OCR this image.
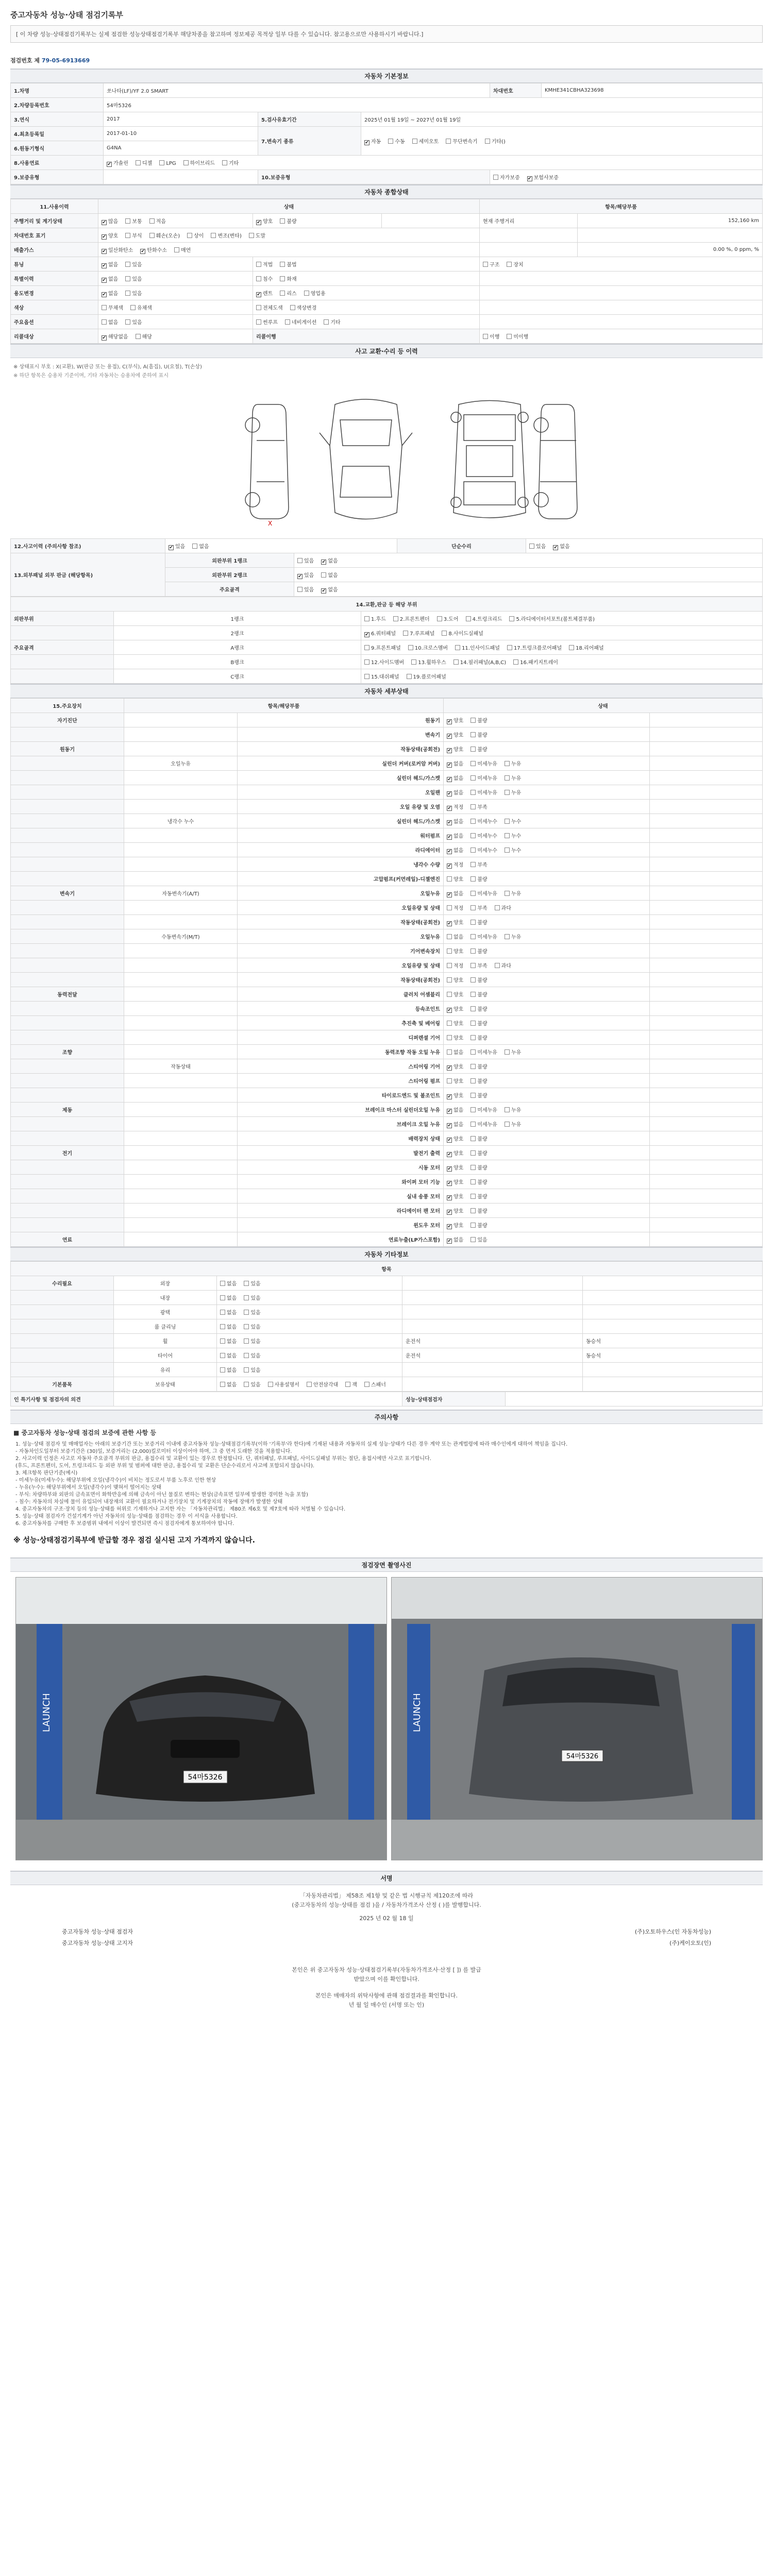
중고자동차 성능·상태 점검기록부
[ 이 차량 성능·상태점검기록부는 실제 점검한 성능상태점검기록부 해당차종을 참고하며 정보제공 목적상 일부 다를 수 있습니다. 참고용으로만 사용하시기 바랍니다.]
점검번호 제 79-05-6913669
자동차 기본정보
1.차명	쏘나타(LF)/YF 2.0 SMART			차대번호	KMHE341CBHA323698
2.차량등록번호	54마5326				
3.연식	2017	5.검사유효기간	2025년 01월 19일 ~ 2027년 01월 19일		
4.최초등록일	2017-01-10	7.변속기 종류	✔자동 수동 세미오토 무단변속기 기타()
6.원동기형식	G4NA				
8.사용연료	✔가솔린 디젤 LPG 하이브리드 기타
9.보증유형		10.보증유형		자가보증 ✔ 보험사보증
자동차 종합상태
11.사용이력	상태			항목/해당부품	
주행거리 및 계기상태	✔많음 보통 적음	✔양호 불량		현재 주행거리	152,160 km
차대번호 표기	✔양호 부식 훼손(오손) 상이 변조(변타) 도말		
배출가스	✔일산화탄소 ✔ 탄화수소 매연				0.00 %, 0 ppm, %
튜닝	✔없음 있음	적법 불법		구조 장치	
특별이력	✔없음 있음	침수 화재			
용도변경	✔없음 있음	✔렌트 리스 영업용	
색상	무채색 유채색	전체도색 색상변경			
주요옵션	없음 있음	썬루프 네비게이션 기타			
리콜대상	✔해당없음 해당	리콜이행		이행 미이행	
사고 교환·수리 등 이력
※ 상태표시 부호 : X(교환), W(판금 또는 용접), C(부식), A(흠집), U(요철), T(손상)
※ 하단 항목은 승용차 기준이며, 기타 자동차는 승용차에 준하여 표시
X
12.사고이력 (주의사항 참조)	✔있음 없음		단순수리	있음 ✔ 없음
13.외부패널 외부 판금 (해당항목)	외판부위 1랭크	있음 ✔ 없음
	외판부위 2랭크	✔있음 없음
	주요골격	있음 ✔ 없음
14.교환,판금 등 해당 부위		
외판부위	1랭크	1.후드 2.프론트펜더 3.도어 4.트렁크리드 5.라디에이터서포트(볼트체결부품)
	2랭크	✔6.쿼터패널 7.루프패널 8.사이드실패널
주요골격	A랭크	9.프론트패널 10.크로스멤버 11.인사이드패널 17.트렁크플로어패널 18.리어패널
	B랭크	12.사이드멤버 13.휠하우스 14.필러패널(A,B,C) 16.패키지트레이
	C랭크	15.대쉬패널 19.플로어패널
자동차 세부상태
15.주요장치	항목/해당부품		상태	
자기진단		원동기	✔양호 불량	
		변속기	✔양호 불량	
원동기		작동상태(공회전)	✔양호 불량	
	오일누유	실린더 커버(로커암 커버)	✔없음 미세누유 누유	
		실린더 헤드/가스켓	✔없음 미세누유 누유	
		오일팬	✔없음 미세누유 누유	
		오일 유량 및 오염	✔적정 부족	
	냉각수 누수	실린더 헤드/가스켓	✔없음 미세누수 누수	
		워터펌프	✔없음 미세누수 누수	
		라디에이터	✔없음 미세누수 누수	
		냉각수 수량	✔적정 부족	
		고압펌프(커먼레일)-디젤엔진	양호 불량	
변속기	자동변속기(A/T)	오일누유	✔없음 미세누유 누유	
		오일유량 및 상태	적정 부족 과다	
		작동상태(공회전)	✔양호 불량	
	수동변속기(M/T)	오일누유	없음 미세누유 누유	
		기어변속장치	양호 불량	
		오일유량 및 상태	적정 부족 과다	
		작동상태(공회전)	양호 불량	
동력전달		클러치 어셈블리	양호 불량	
		등속조인트	✔양호 불량	
		추진축 및 베어링	양호 불량	
		디퍼렌셜 기어	양호 불량	
조향		동력조향 작동 오일 누유	없음 미세누유 누유	
	작동상태	스티어링 기어	✔양호 불량	
		스티어링 펌프	양호 불량	
		타이로드엔드 및 볼조인트	✔양호 불량	
제동		브레이크 마스터 실린더오일 누유	✔없음 미세누유 누유	
		브레이크 오일 누유	✔없음 미세누유 누유	
		배력장치 상태	✔양호 불량	
전기		발전기 출력	✔양호 불량	
		시동 모터	✔양호 불량	
		와이퍼 모터 기능	✔양호 불량	
		실내 송풍 모터	✔양호 불량	
		라디에이터 팬 모터	✔양호 불량	
		윈도우 모터	✔양호 불량	
연료		연료누출(LP가스포함)	✔없음 있음	
자동차 기타정보
항목				
수리필요	외장	없음 있음		
	내장	없음 있음		
	광택	없음 있음		
	룸 클리닝	없음 있음		
	휠	없음 있음	운전석	동승석
	타이어	없음 있음	운전석	동승석
	유리	없음 있음		
기본품목	보유상태	없음 있음 사용설명서 안전삼각대 잭 스패너		
인 특기사항 및 점검자의 의견		성능·상태점검자	
주의사항
■ 중고자동차 성능·상태 점검의 보증에 관한 사항 등

1. 성능·상태 점검자 및 매매업자는 아래의 보증기간 또는 보증거리 이내에 중고자동차 성능·상태점검기록부(이하 '기록부'라 한다)에 기재된 내용과 자동차의 실제 성능·상태가 다른 경우 계약 또는 관계법령에 따라 매수인에게 대하여 책임을 집니다.

- 자동차인도일부터 보증기간은 (30)일, 보증거리는 (2,000)킬로미터 이상이어야 하며, 그 중 먼저 도래한 것을 적용합니다.

2. 사고이력 인정은 사고로 자동차 주요골격 부위의 판금, 용접수리 및 교환이 있는 경우로 한정합니다. 단, 쿼터패널, 루프패널, 사이드실패널 부위는 절단, 용접시에만 사고로 표기합니다.

(후드, 프론트펜더, 도어, 트렁크리드 등 외판 부위 및 범퍼에 대한 판금, 용접수리 및 교환은 단순수리로서 사고에 포함되지 않습니다).

3. 체크항목 판단기준(예시)

- 미세누유(미세누수): 해당부위에 오일(냉각수)이 비치는 정도로서 부품 노후로 인한 현상

- 누유(누수): 해당부위에서 오일(냉각수)이 맺혀서 떨어지는 상태

- 부식: 차량하부와 외판의 금속표면이 화학반응에 의해 금속이 아닌 물질로 변하는 현상(금속표면 일부에 발생한 경미한 녹을 포함)

- 침수: 자동차의 차실에 물이 유입되어 내장재의 교환이 필요하거나 전기장치 및 기계장치의 작동에 장애가 발생한 상태

4. 중고자동차의 구조·장치 등의 성능·상태를 허위로 기재하거나 고지한 자는 「자동차관리법」 제80조 제6호 및 제7호에 따라 처벌될 수 있습니다.

5. 성능·상태 점검자가 건설기계가 아닌 자동차의 성능·상태를 점검하는 경우 이 서식을 사용합니다.

6. 중고자동차를 구매한 후 보증범위 내에서 이상이 발견되면 즉시 점검자에게 통보하여야 합니다.

※ 성능·상태점검기록부에 받급할 경우 점검 실시된 고지 가격까지 않습니다.
점검장면 촬영사진
54마5326
LAUNCH
54마5326
LAUNCH
서명
「자동차관리법」 제58조 제1항 및 같은 법 시행규칙 제120조에 따라
(중고자동차의 성능·상태를 점검 )을 / 자동차가격조사 산정 ( )를 발행합니다.
2025 년 02 월 18 일
중고자동차 성능·상태 점검자	(주)오토하우스(인 자동차성능)
중고자동차 성능·상태 고지자	(주)케이오토(인)
본인은 위 중고자동차 성능·상태점검기록부(자동차가격조사·산정 [ ]) 를 발급
받았으며 이를 확인합니다.
본인은 매매자의 위탁사항에 관해 점검결과를 확인합니다.
년 월 일 매수인 (서명 또는 인)
